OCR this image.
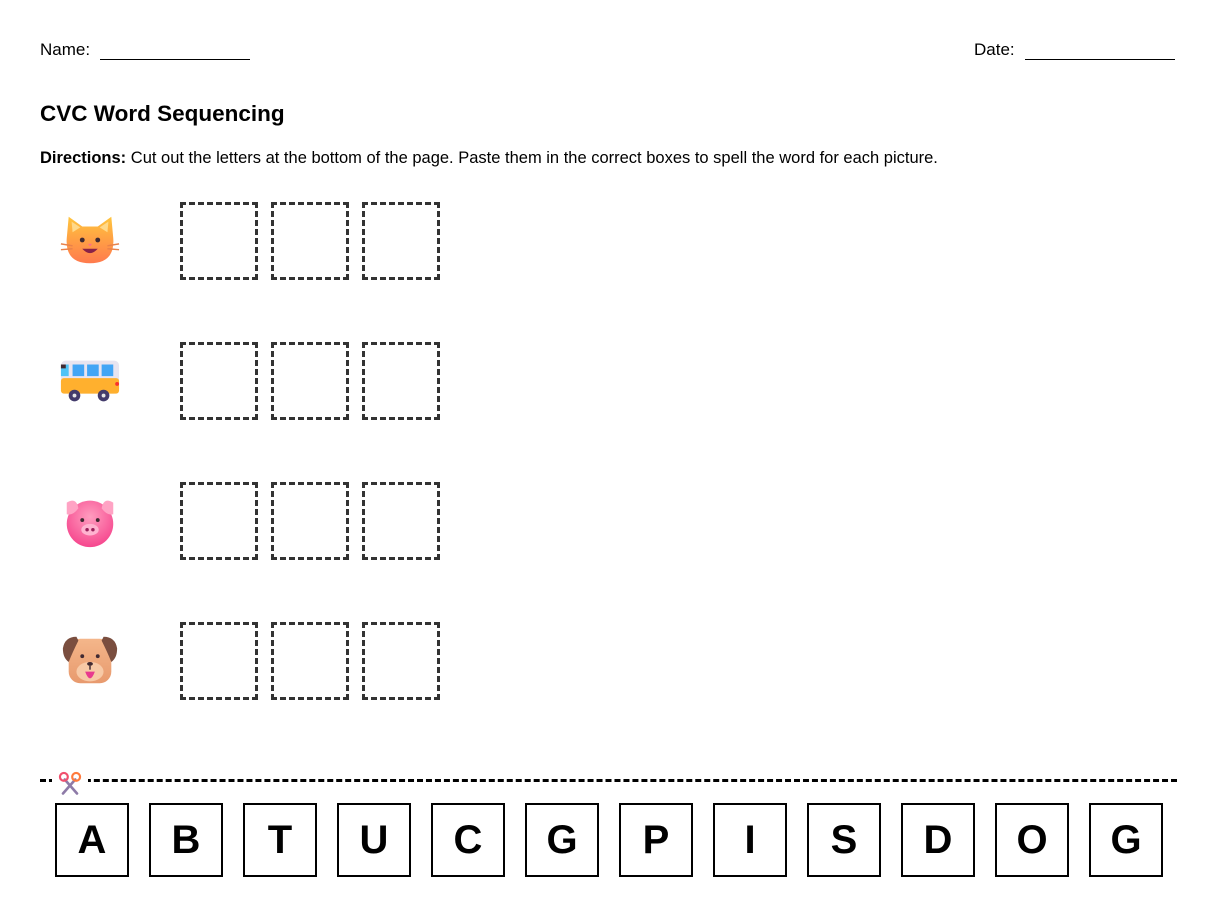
Name:	Date:
CVC Word Sequencing

Directions: Cut out the letters at the bottom of the page. Paste them in the correct boxes to spell the word for each picture.

A	B	T	U	C	G	P	I	S	D	O	G
